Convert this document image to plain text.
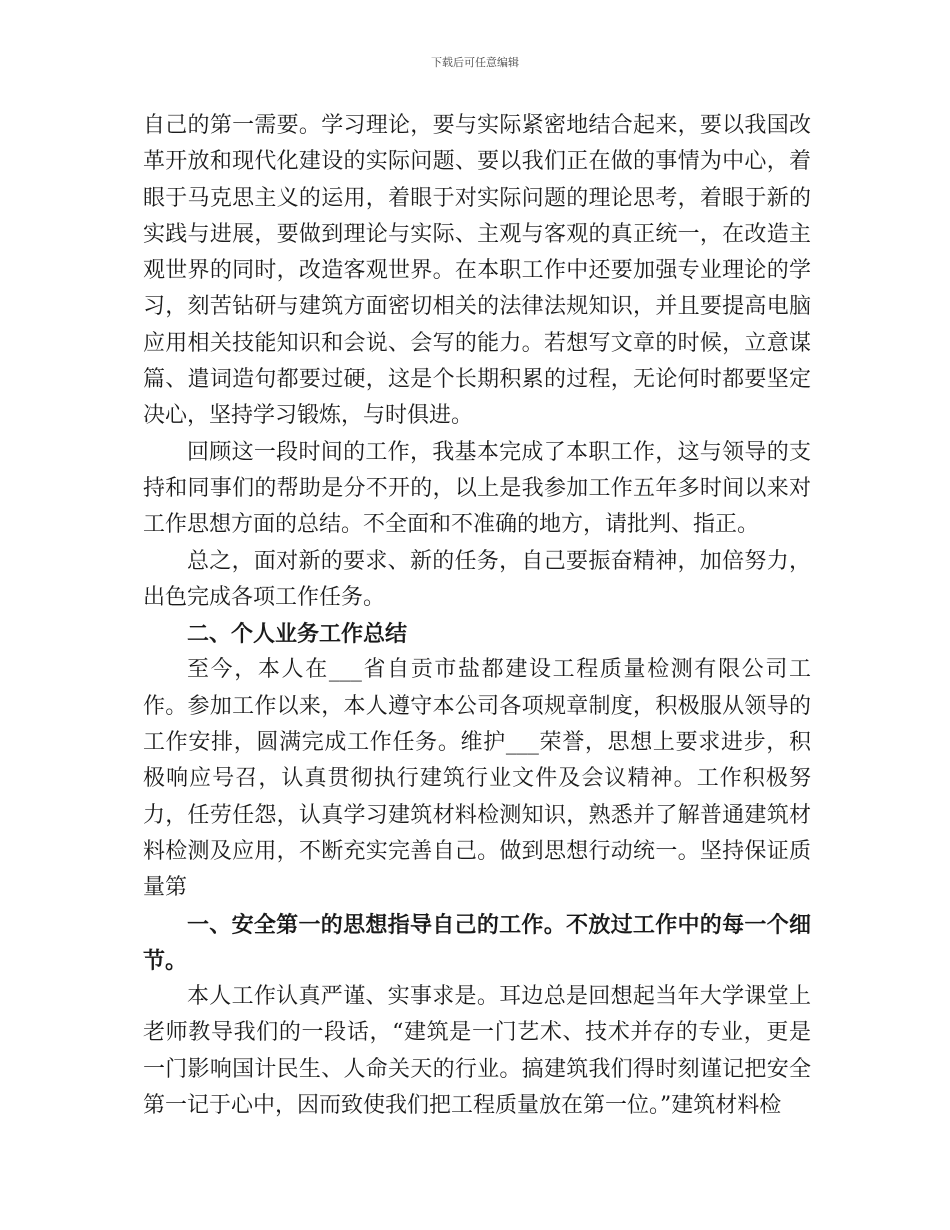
下载后可任意编辑

自己的第一需要。学习理论，要与实际紧密地结合起来，要以我国改革开放和现代化建设的实际问题、要以我们正在做的事情为中心，着眼于马克思主义的运用，着眼于对实际问题的理论思考，着眼于新的实践与进展，要做到理论与实际、主观与客观的真正统一，在改造主观世界的同时，改造客观世界。在本职工作中还要加强专业理论的学习，刻苦钻研与建筑方面密切相关的法律法规知识，并且要提高电脑应用相关技能知识和会说、会写的能力。若想写文章的时候，立意谋篇、遣词造句都要过硬，这是个长期积累的过程，无论何时都要坚定决心，坚持学习锻炼，与时俱进。

回顾这一段时间的工作，我基本完成了本职工作，这与领导的支持和同事们的帮助是分不开的，以上是我参加工作五年多时间以来对工作思想方面的总结。不全面和不准确的地方，请批判、指正。

总之，面对新的要求、新的任务，自己要振奋精神，加倍努力，出色完成各项工作任务。

二、个人业务工作总结

至今，本人在___省自贡市盐都建设工程质量检测有限公司工作。参加工作以来，本人遵守本公司各项规章制度，积极服从领导的工作安排，圆满完成工作任务。维护___荣誉，思想上要求进步，积极响应号召，认真贯彻执行建筑行业文件及会议精神。工作积极努力，任劳任怨，认真学习建筑材料检测知识，熟悉并了解普通建筑材料检测及应用，不断充实完善自己。做到思想行动统一。坚持保证质量第

一、安全第一的思想指导自己的工作。不放过工作中的每一个细节。

本人工作认真严谨、实事求是。耳边总是回想起当年大学课堂上老师教导我们的一段话，“建筑是一门艺术、技术并存的专业，更是一门影响国计民生、人命关天的行业。搞建筑我们得时刻谨记把安全第一记于心中，因而致使我们把工程质量放在第一位。”建筑材料检
